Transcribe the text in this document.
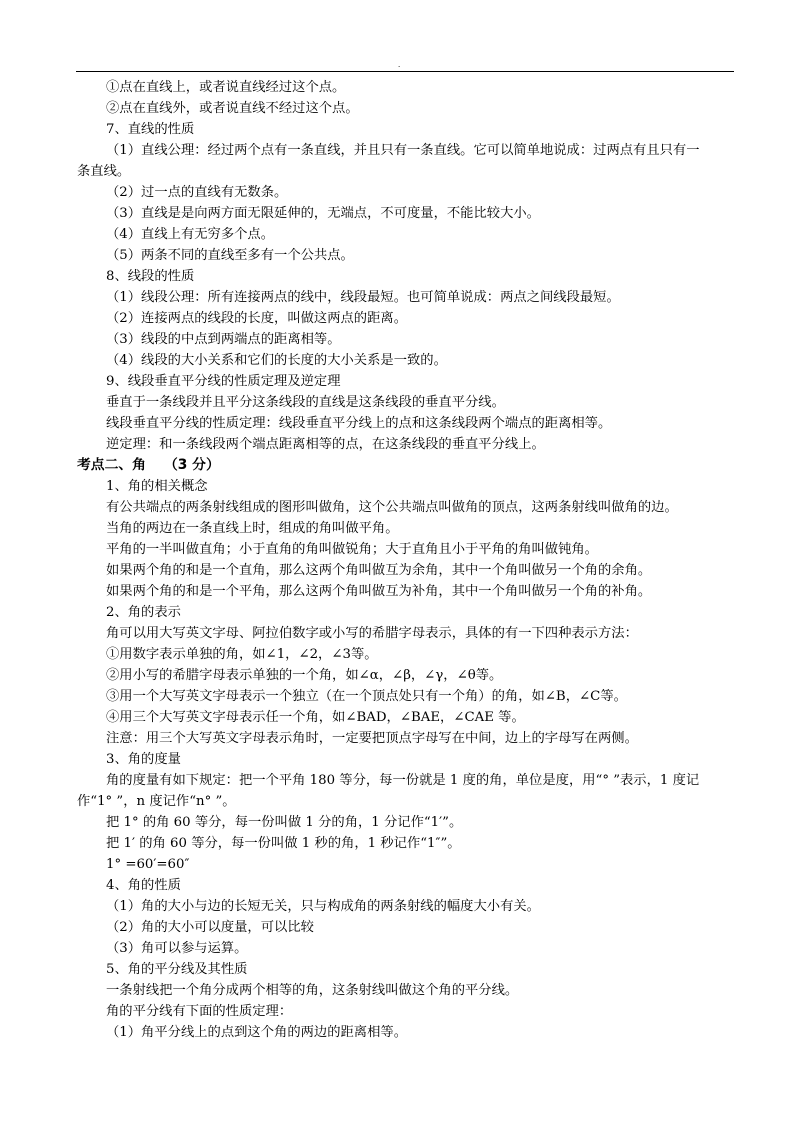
.
①点在直线上，或者说直线经过这个点。
②点在直线外，或者说直线不经过这个点。
7、直线的性质
（1）直线公理：经过两个点有一条直线，并且只有一条直线。它可以简单地说成：过两点有且只有一
条直线。
（2）过一点的直线有无数条。
（3）直线是是向两方面无限延伸的，无端点，不可度量，不能比较大小。
（4）直线上有无穷多个点。
（5）两条不同的直线至多有一个公共点。
8、线段的性质
（1）线段公理：所有连接两点的线中，线段最短。也可简单说成：两点之间线段最短。
（2）连接两点的线段的长度，叫做这两点的距离。
（3）线段的中点到两端点的距离相等。
（4）线段的大小关系和它们的长度的大小关系是一致的。
9、线段垂直平分线的性质定理及逆定理
垂直于一条线段并且平分这条线段的直线是这条线段的垂直平分线。
线段垂直平分线的性质定理：线段垂直平分线上的点和这条线段两个端点的距离相等。
逆定理：和一条线段两个端点距离相等的点，在这条线段的垂直平分线上。
考点二、角 （3 分）
1、角的相关概念
有公共端点的两条射线组成的图形叫做角，这个公共端点叫做角的顶点，这两条射线叫做角的边。
当角的两边在一条直线上时，组成的角叫做平角。
平角的一半叫做直角；小于直角的角叫做锐角；大于直角且小于平角的角叫做钝角。
如果两个角的和是一个直角，那么这两个角叫做互为余角，其中一个角叫做另一个角的余角。
如果两个角的和是一个平角，那么这两个角叫做互为补角，其中一个角叫做另一个角的补角。
2、角的表示
角可以用大写英文字母、阿拉伯数字或小写的希腊字母表示，具体的有一下四种表示方法：
①用数字表示单独的角，如∠1，∠2，∠3等。
②用小写的希腊字母表示单独的一个角，如∠α，∠β，∠γ，∠θ等。
③用一个大写英文字母表示一个独立（在一个顶点处只有一个角）的角，如∠B，∠C等。
④用三个大写英文字母表示任一个角，如∠BAD，∠BAE，∠CAE 等。
注意：用三个大写英文字母表示角时，一定要把顶点字母写在中间，边上的字母写在两侧。
3、角的度量
角的度量有如下规定：把一个平角 180 等分，每一份就是 1 度的角，单位是度，用“° ”表示，1 度记
作“1° ”，n 度记作“n° ”。
把 1° 的角 60 等分，每一份叫做 1 分的角，1 分记作“1′”。
把 1′ 的角 60 等分，每一份叫做 1 秒的角，1 秒记作“1″”。
1° =60′=60″
4、角的性质
（1）角的大小与边的长短无关，只与构成角的两条射线的幅度大小有关。
（2）角的大小可以度量，可以比较
（3）角可以参与运算。
5、角的平分线及其性质
一条射线把一个角分成两个相等的角，这条射线叫做这个角的平分线。
角的平分线有下面的性质定理：
（1）角平分线上的点到这个角的两边的距离相等。
